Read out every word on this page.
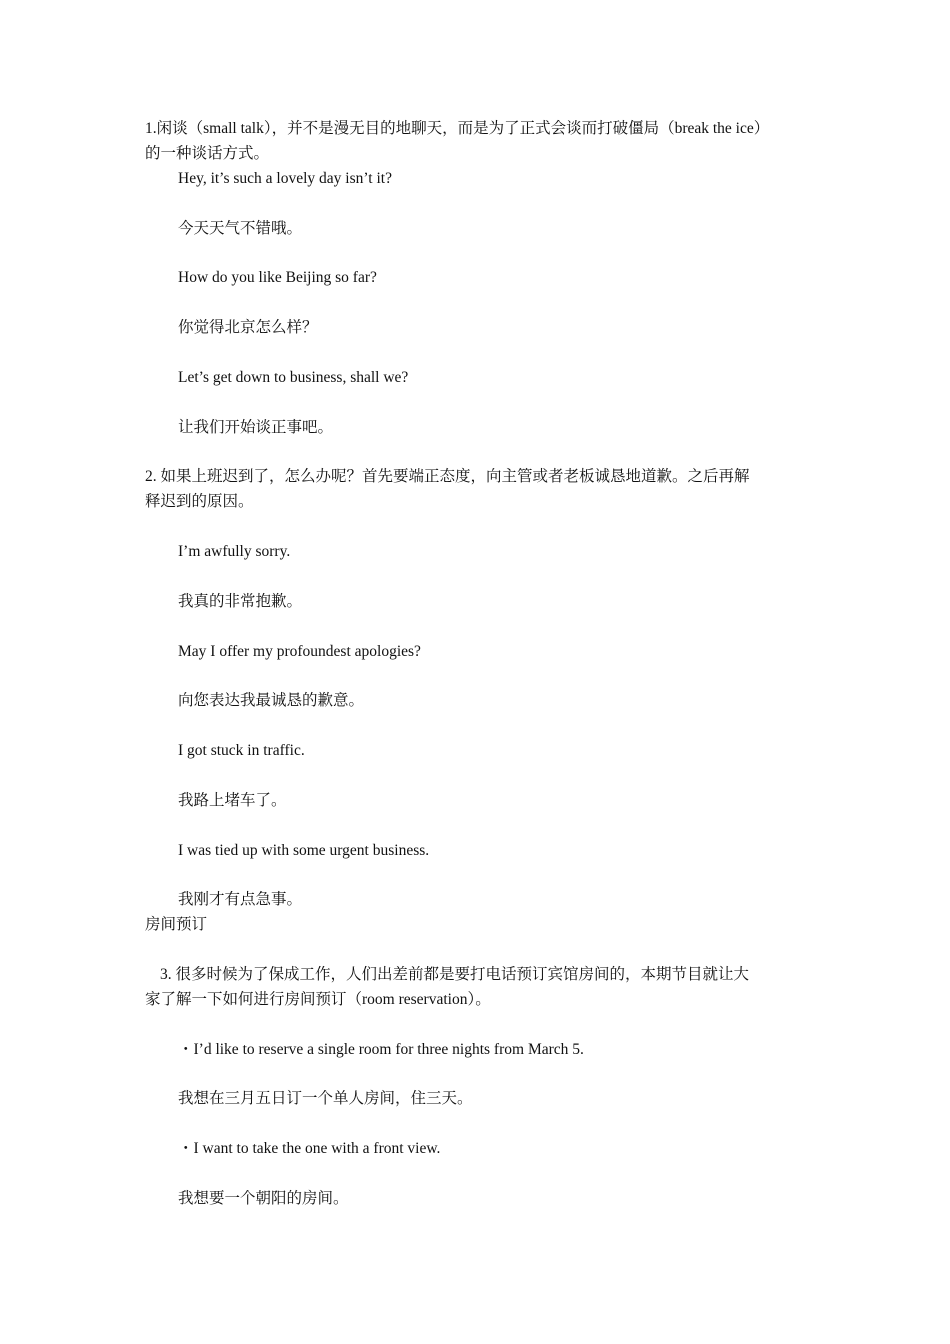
1.闲谈（small talk），并不是漫无目的地聊天，而是为了正式会谈而打破僵局（break the ice）
的一种谈话方式。
Hey, it’s such a lovely day isn’t it?
今天天气不错哦。
How do you like Beijing so far?
你觉得北京怎么样？
Let’s get down to business, shall we?
让我们开始谈正事吧。
2. 如果上班迟到了，怎么办呢？首先要端正态度，向主管或者老板诚恳地道歉。之后再解
释迟到的原因。
I’m awfully sorry.
我真的非常抱歉。
May I offer my profoundest apologies?
向您表达我最诚恳的歉意。
I got stuck in traffic.
我路上堵车了。
I was tied up with some urgent business.
我刚才有点急事。
房间预订
3. 很多时候为了保成工作，人们出差前都是要打电话预订宾馆房间的，本期节目就让大
家了解一下如何进行房间预订（room reservation）。
・I’d like to reserve a single room for three nights from March 5.
我想在三月五日订一个单人房间，住三天。
・I want to take the one with a front view.
我想要一个朝阳的房间。
